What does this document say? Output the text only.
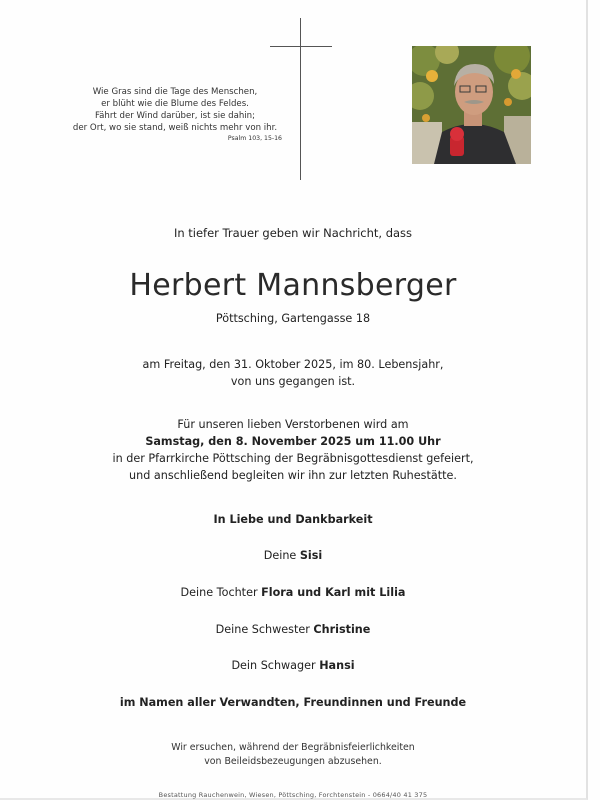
Wie Gras sind die Tage des Menschen,
er blüht wie die Blume des Feldes.
Fährt der Wind darüber, ist sie dahin;
der Ort, wo sie stand, weiß nichts mehr von ihr.
Psalm 103, 15-16
In tiefer Trauer geben wir Nachricht, dass
Herbert Mannsberger
Pöttsching, Gartengasse 18
am Freitag, den 31. Oktober 2025, im 80. Lebensjahr,
von uns gegangen ist.
Für unseren lieben Verstorbenen wird am
Samstag, den 8. November 2025 um 11.00 Uhr
in der Pfarrkirche Pöttsching der Begräbnisgottesdienst gefeiert,
und anschließend begleiten wir ihn zur letzten Ruhestätte.
In Liebe und Dankbarkeit
Deine Sisi
Deine Tochter Flora und Karl mit Lilia
Deine Schwester Christine
Dein Schwager Hansi
im Namen aller Verwandten, Freundinnen und Freunde
Wir ersuchen, während der Begräbnisfeierlichkeiten
von Beileidsbezeugungen abzusehen.
Bestattung Rauchenwein, Wiesen, Pöttsching, Forchtenstein - 0664/40 41 375
